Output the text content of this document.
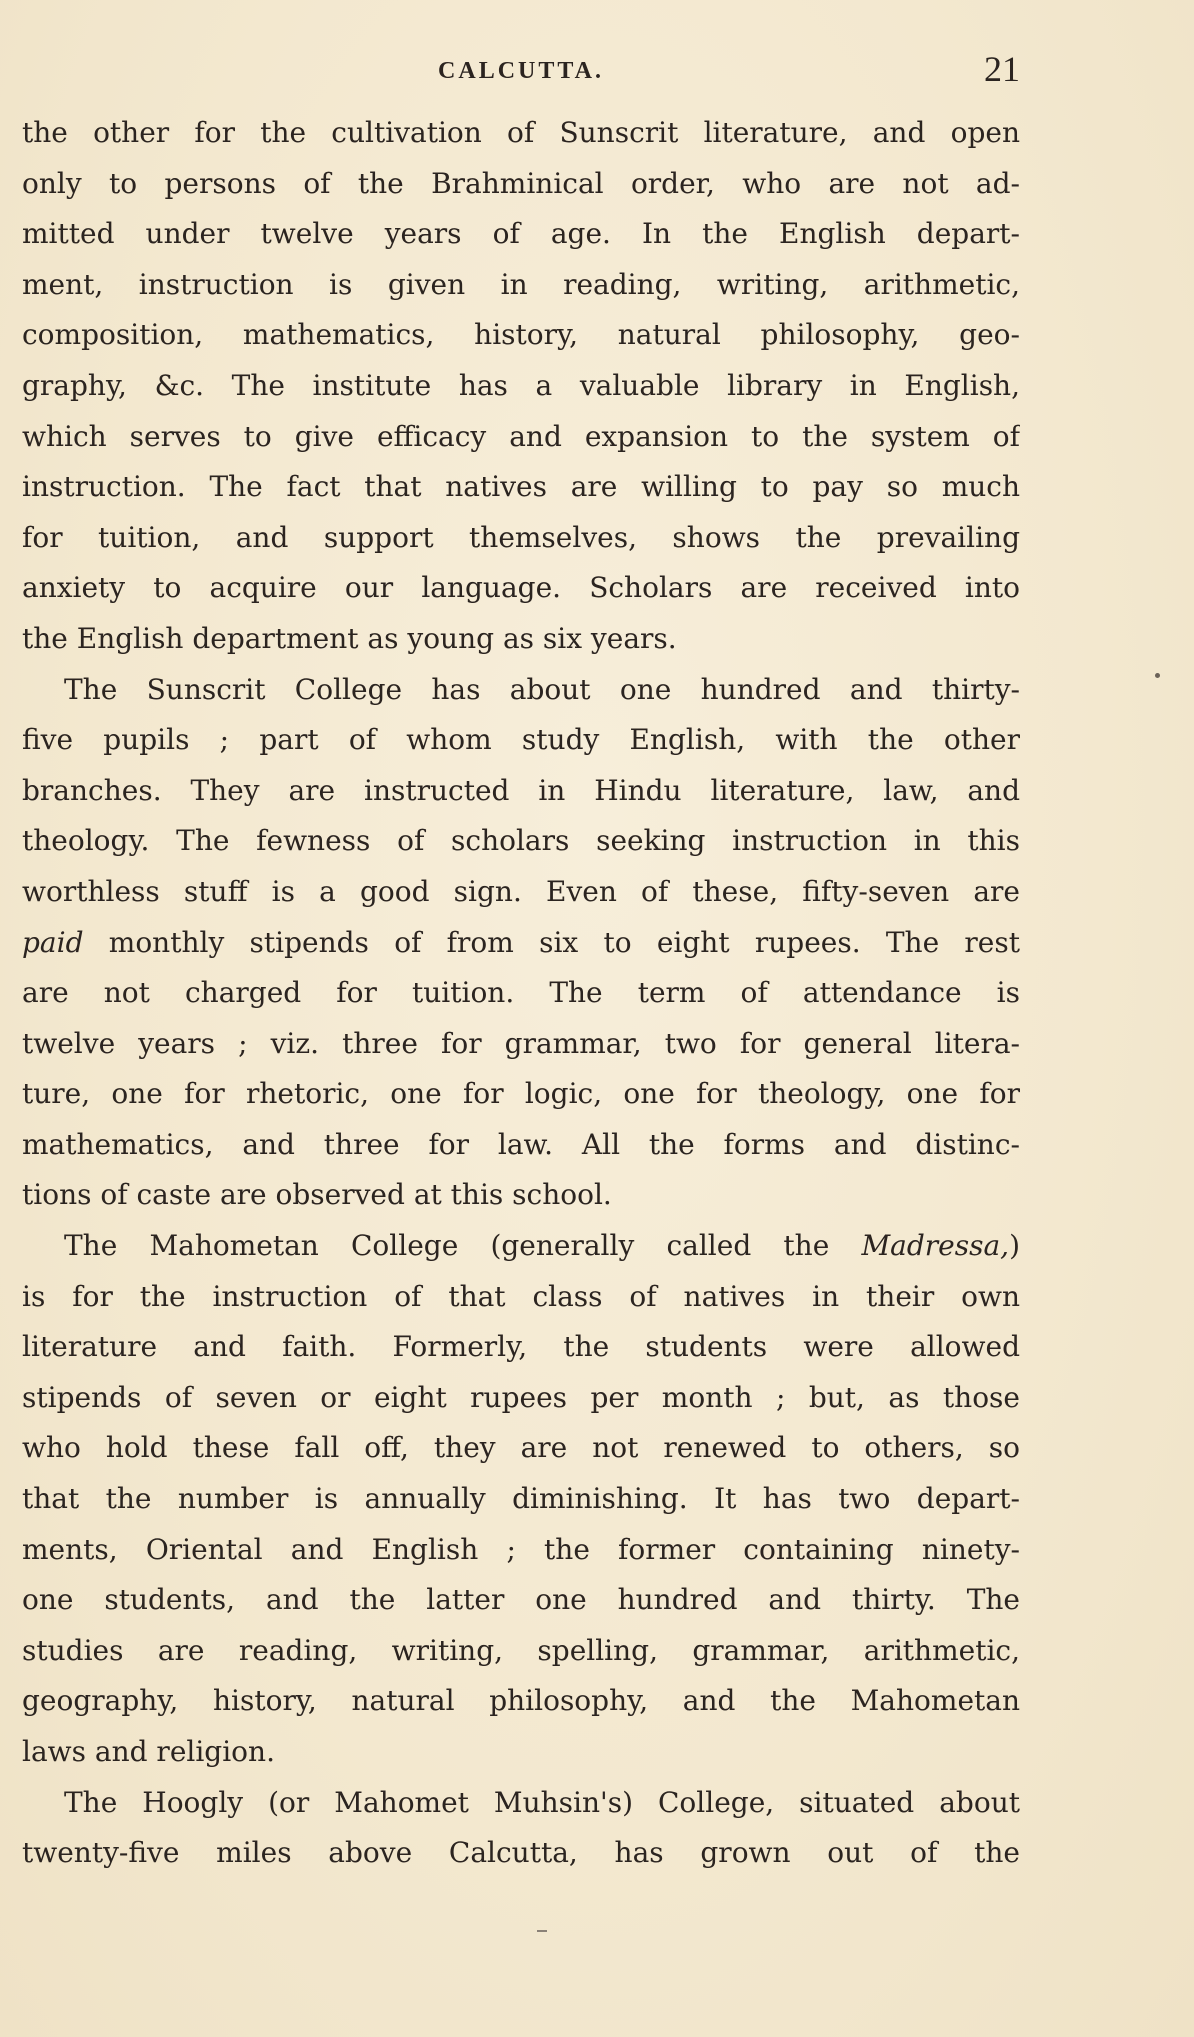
CALCUTTA.	21
the other for the cultivation of Sunscrit literature, and open
only to persons of the Brahminical order, who are not ad-
mitted under twelve years of age. In the English depart-
ment, instruction is given in reading, writing, arithmetic,
composition, mathematics, history, natural philosophy, geo-
graphy, &c. The institute has a valuable library in English,
which serves to give efficacy and expansion to the system of
instruction. The fact that natives are willing to pay so much
for tuition, and support themselves, shows the prevailing
anxiety to acquire our language. Scholars are received into
the English department as young as six years.
The Sunscrit College has about one hundred and thirty-
five pupils ; part of whom study English, with the other
branches. They are instructed in Hindu literature, law, and
theology. The fewness of scholars seeking instruction in this
worthless stuff is a good sign. Even of these, fifty-seven are
paid monthly stipends of from six to eight rupees. The rest
are not charged for tuition. The term of attendance is
twelve years ; viz. three for grammar, two for general litera-
ture, one for rhetoric, one for logic, one for theology, one for
mathematics, and three for law. All the forms and distinc-
tions of caste are observed at this school.
The Mahometan College (generally called the Madressa,)
is for the instruction of that class of natives in their own
literature and faith. Formerly, the students were allowed
stipends of seven or eight rupees per month ; but, as those
who hold these fall off, they are not renewed to others, so
that the number is annually diminishing. It has two depart-
ments, Oriental and English ; the former containing ninety-
one students, and the latter one hundred and thirty. The
studies are reading, writing, spelling, grammar, arithmetic,
geography, history, natural philosophy, and the Mahometan
laws and religion.
The Hoogly (or Mahomet Muhsin's) College, situated about
twenty-five miles above Calcutta, has grown out of the
